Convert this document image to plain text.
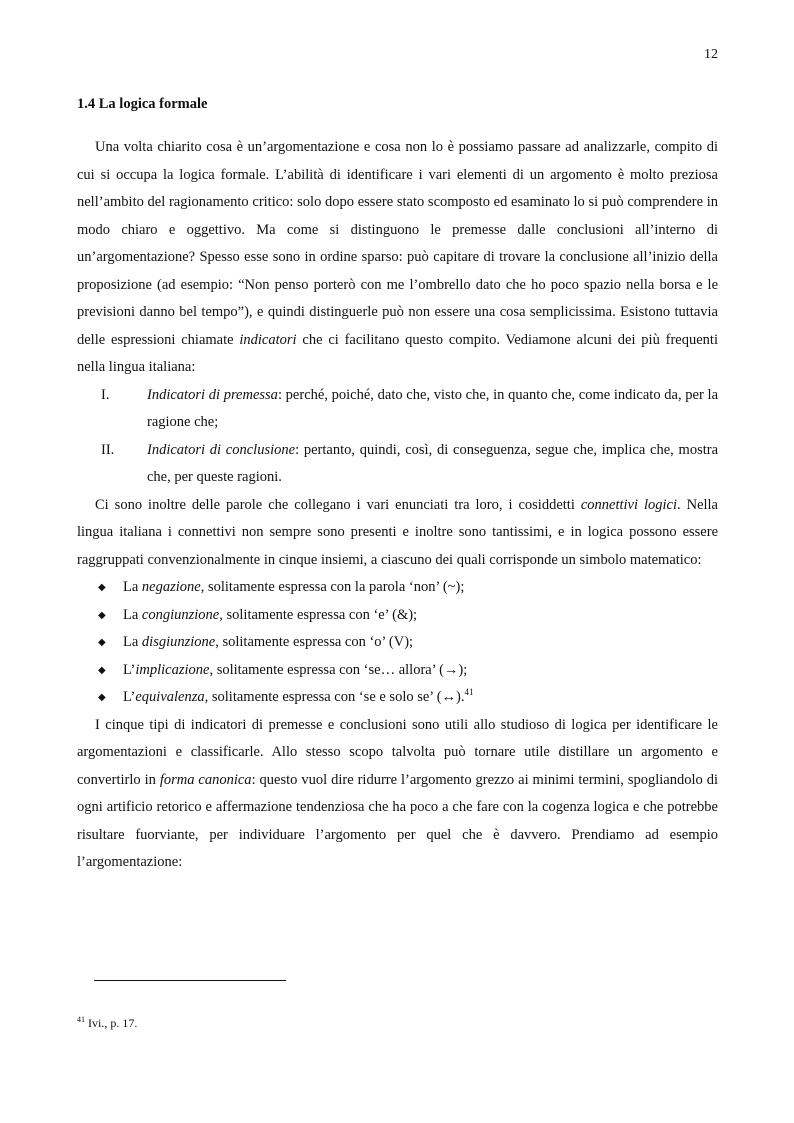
12
1.4 La logica formale

Una volta chiarito cosa è un’argomentazione e cosa non lo è possiamo passare ad analizzarle, compito di cui si occupa la logica formale. L’abilità di identificare i vari elementi di un argomento è molto preziosa nell’ambito del ragionamento critico: solo dopo essere stato scomposto ed esaminato lo si può comprendere in modo chiaro e oggettivo. Ma come si distinguono le premesse dalle conclusioni all’interno di un’argomentazione? Spesso esse sono in ordine sparso: può capitare di trovare la conclusione all’inizio della proposizione (ad esempio: “Non penso porterò con me l’ombrello dato che ho poco spazio nella borsa e le previsioni danno bel tempo”), e quindi distinguerle può non essere una cosa semplicissima. Esistono tuttavia delle espressioni chiamate indicatori che ci facilitano questo compito. Vediamone alcuni dei più frequenti nella lingua italiana:

I.	Indicatori di premessa: perché, poiché, dato che, visto che, in quanto che, come indicato da, per la ragione che;
II.	Indicatori di conclusione: pertanto, quindi, così, di conseguenza, segue che, implica che, mostra che, per queste ragioni.

Ci sono inoltre delle parole che collegano i vari enunciati tra loro, i cosiddetti connettivi logici. Nella lingua italiana i connettivi non sempre sono presenti e inoltre sono tantissimi, e in logica possono essere raggruppati convenzionalmente in cinque insiemi, a ciascuno dei quali corrisponde un simbolo matematico:

◆	La negazione, solitamente espressa con la parola ‘non’ (~);
◆	La congiunzione, solitamente espressa con ‘e’ (&);
◆	La disgiunzione, solitamente espressa con ‘o’ (V);
◆	L’implicazione, solitamente espressa con ‘se… allora’ (→);
◆	L’equivalenza, solitamente espressa con ‘se e solo se’ (↔).$^{41}$

I cinque tipi di indicatori di premesse e conclusioni sono utili allo studioso di logica per identificare le argomentazioni e classificarle. Allo stesso scopo talvolta può tornare utile distillare un argomento e convertirlo in forma canonica: questo vuol dire ridurre l’argomento grezzo ai minimi termini, spogliandolo di ogni artificio retorico e affermazione tendenziosa che ha poco a che fare con la cogenza logica e che potrebbe risultare fuorviante, per individuare l’argomento per quel che è davvero. Prendiamo ad esempio l’argomentazione:

$^{41}$ Ivi., p. 17.
